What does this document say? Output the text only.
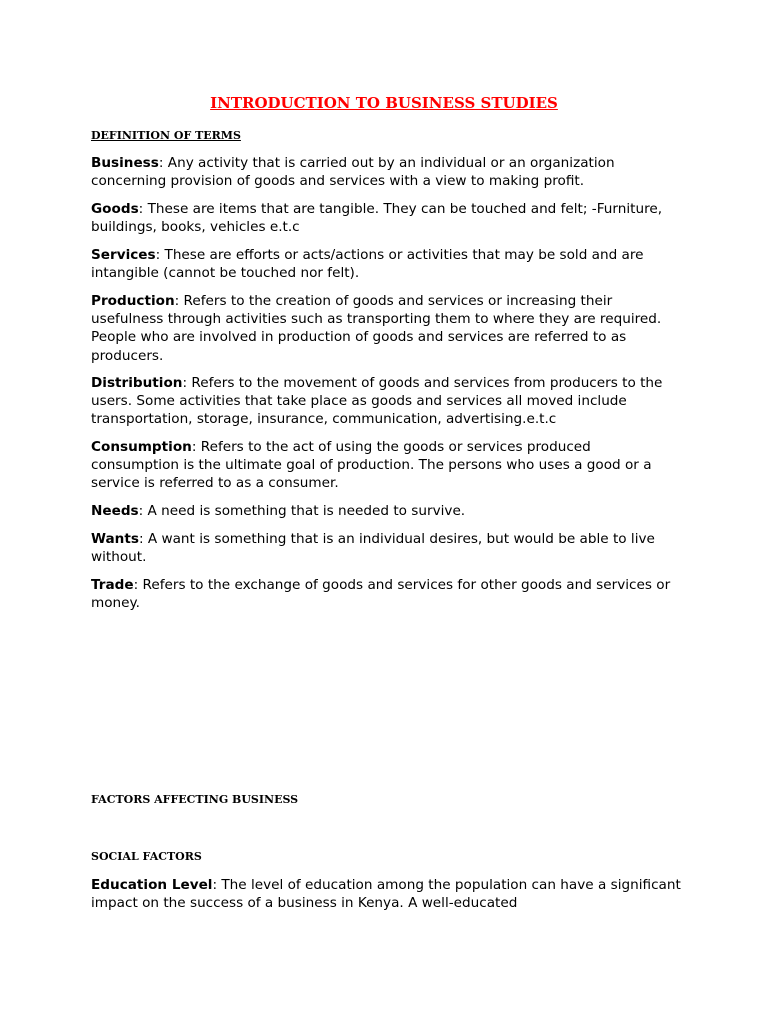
INTRODUCTION TO BUSINESS STUDIES
DEFINITION OF TERMS

Business: Any activity that is carried out by an individual or an organization concerning provision of goods and services with a view to making profit.

Goods: These are items that are tangible. They can be touched and felt; -Furniture, buildings, books, vehicles e.t.c

Services: These are efforts or acts/actions or activities that may be sold and are intangible (cannot be touched nor felt).

Production: Refers to the creation of goods and services or increasing their usefulness through activities such as transporting them to where they are required. People who are involved in production of goods and services are referred to as producers.

Distribution: Refers to the movement of goods and services from producers to the users. Some activities that take place as goods and services all moved include transportation, storage, insurance, communication, advertising.e.t.c

Consumption: Refers to the act of using the goods or services produced consumption is the ultimate goal of production. The persons who uses a good or a service is referred to as a consumer.

Needs: A need is something that is needed to survive.

Wants: A want is something that is an individual desires, but would be able to live without.

Trade: Refers to the exchange of goods and services for other goods and services or money.

FACTORS AFFECTING BUSINESS
SOCIAL FACTORS

Education Level: The level of education among the population can have a significant impact on the success of a business in Kenya. A well-educated
